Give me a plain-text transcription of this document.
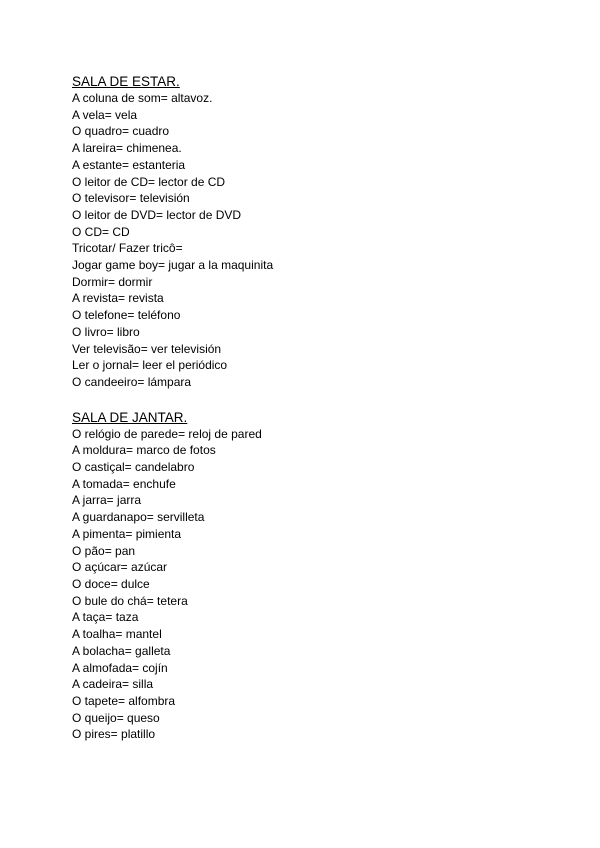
SALA DE ESTAR.
A coluna de som= altavoz.
A vela= vela
O quadro= cuadro
A lareira= chimenea.
A estante= estanteria
O leitor de CD= lector de CD
O televisor= televisión
O leitor de DVD= lector de DVD
O CD= CD
Tricotar/ Fazer tricô=
Jogar game boy= jugar a la maquinita
Dormir= dormir
A revista= revista
O telefone= teléfono
O livro= libro
Ver televisão= ver televisión
Ler o jornal= leer el periódico
O candeeiro= lámpara
SALA DE JANTAR.
O relógio de parede= reloj de pared
A moldura= marco de fotos
O castiçal= candelabro
A tomada= enchufe
A jarra= jarra
A guardanapo= servilleta
A pimenta= pimienta
O pão= pan
O açúcar= azúcar
O doce= dulce
O bule do chá= tetera
A taça= taza
A toalha= mantel
A bolacha= galleta
A almofada= cojín
A cadeira= silla
O tapete= alfombra
O queijo= queso
O pires= platillo
